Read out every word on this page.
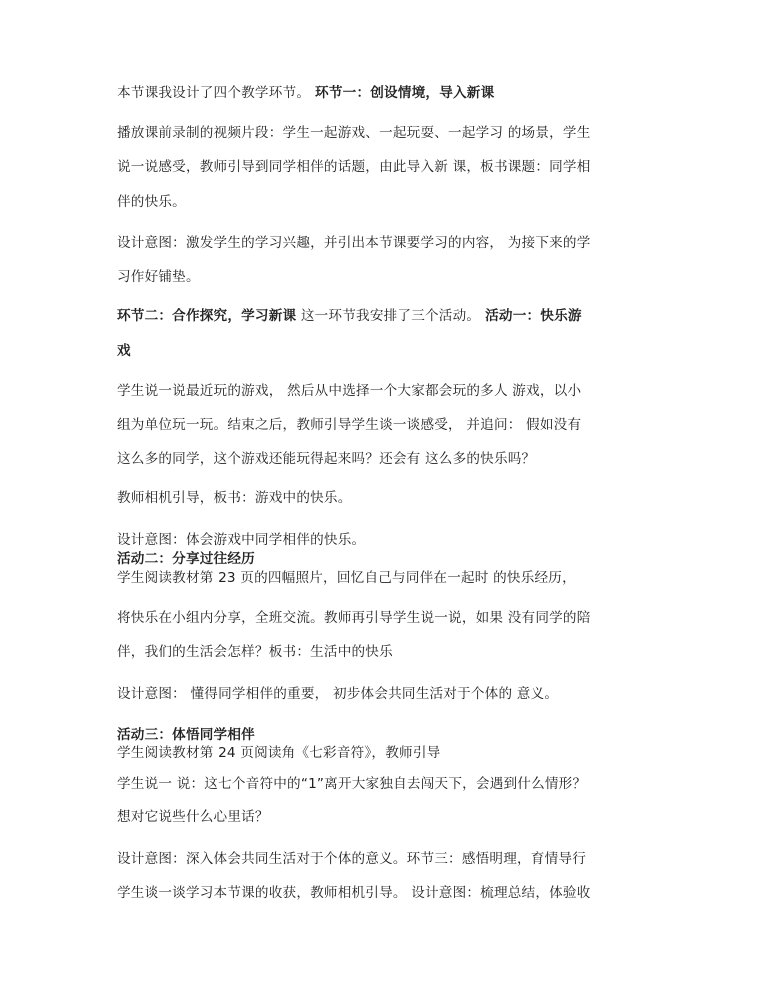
本节课我设计了四个教学环节。 环节一：创设情境，导入新课
播放课前录制的视频片段：学生一起游戏、一起玩耍、一起学习 的场景，学生
说一说感受，教师引导到同学相伴的话题，由此导入新 课，板书课题：同学相
伴的快乐。
设计意图：激发学生的学习兴趣，并引出本节课要学习的内容， 为接下来的学
习作好铺垫。
环节二：合作探究，学习新课 这一环节我安排了三个活动。 活动一：快乐游
戏
学生说一说最近玩的游戏， 然后从中选择一个大家都会玩的多人 游戏，以小
组为单位玩一玩。结束之后，教师引导学生谈一谈感受， 并追问： 假如没有
这么多的同学，这个游戏还能玩得起来吗？还会有 这么多的快乐吗？
教师相机引导，板书：游戏中的快乐。
设计意图：体会游戏中同学相伴的快乐。
活动二：分享过往经历
学生阅读教材第 23 页的四幅照片，回忆自己与同伴在一起时 的快乐经历，
将快乐在小组内分享，全班交流。教师再引导学生说一说，如果 没有同学的陪
伴，我们的生活会怎样？板书：生活中的快乐
设计意图： 懂得同学相伴的重要， 初步体会共同生活对于个体的 意义。
活动三：体悟同学相伴
学生阅读教材第 24 页阅读角《七彩音符》，教师引导
学生说一 说：这七个音符中的“1”离开大家独自去闯天下，会遇到什么情形？
想对它说些什么心里话？
设计意图：深入体会共同生活对于个体的意义。环节三：感悟明理，育情导行
学生谈一谈学习本节课的收获，教师相机引导。 设计意图：梳理总结，体验收
